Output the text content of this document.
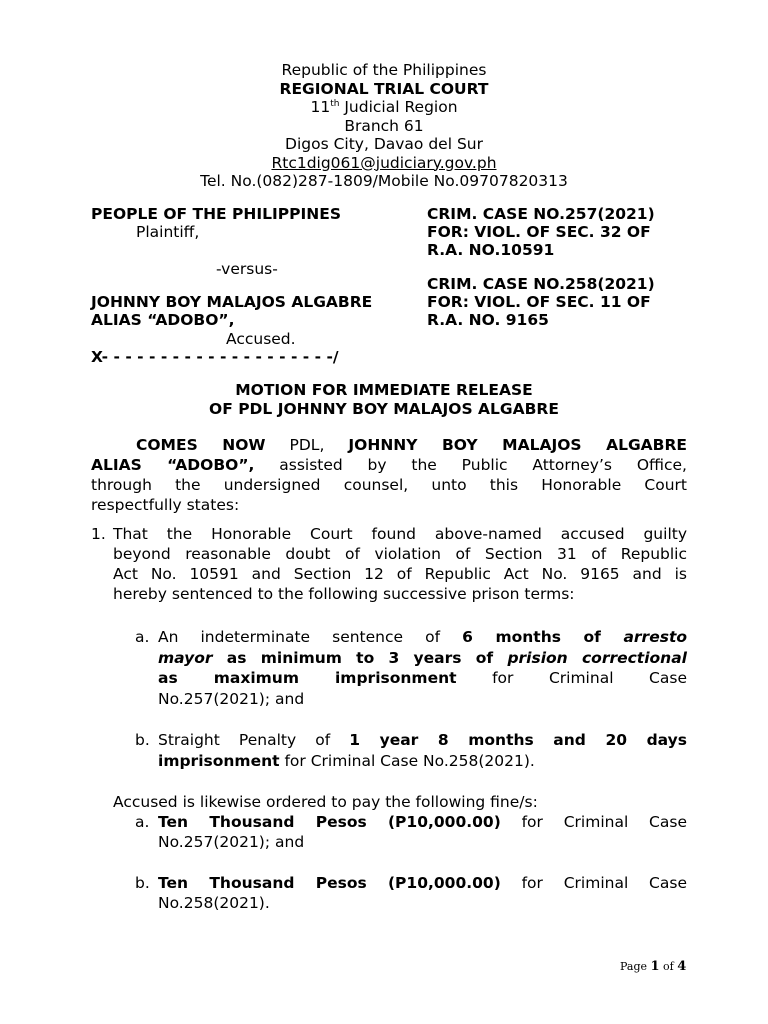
Republic of the Philippines
REGIONAL TRIAL COURT
11th Judicial Region
Branch 61
Digos City, Davao del Sur
Rtc1dig061@judiciary.gov.ph
Tel. No.(082)287-1809/Mobile No.09707820313
PEOPLE OF THE PHILIPPINES
Plaintiff,
-versus-
JOHNNY BOY MALAJOS ALGABRE
ALIAS “ADOBO”,
Accused.
X- - - - - - - - - - - - - - - - - - - -/
CRIM. CASE NO.257(2021)
FOR: VIOL. OF SEC. 32 OF
R.A. NO.10591
CRIM. CASE NO.258(2021)
FOR: VIOL. OF SEC. 11 OF
R.A. NO. 9165
MOTION FOR IMMEDIATE RELEASE
OF PDL JOHNNY BOY MALAJOS ALGABRE
COMES NOW PDL, JOHNNY BOY MALAJOS ALGABRE
ALIAS “ADOBO”, assisted by the Public Attorney’s Office,
through the undersigned counsel, unto this Honorable Court
respectfully states:
1. That the Honorable Court found above-named accused guilty
beyond reasonable doubt of violation of Section 31 of Republic
Act No. 10591 and Section 12 of Republic Act No. 9165 and is
hereby sentenced to the following successive prison terms:
a. An indeterminate sentence of 6 months of arresto
mayor as minimum to 3 years of prision correctional
as maximum imprisonment for Criminal Case
No.257(2021); and
b. Straight Penalty of 1 year 8 months and 20 days
imprisonment for Criminal Case No.258(2021).
Accused is likewise ordered to pay the following fine/s:
a. Ten Thousand Pesos (P10,000.00) for Criminal Case
No.257(2021); and
b. Ten Thousand Pesos (P10,000.00) for Criminal Case
No.258(2021).
Page 1 of 4
